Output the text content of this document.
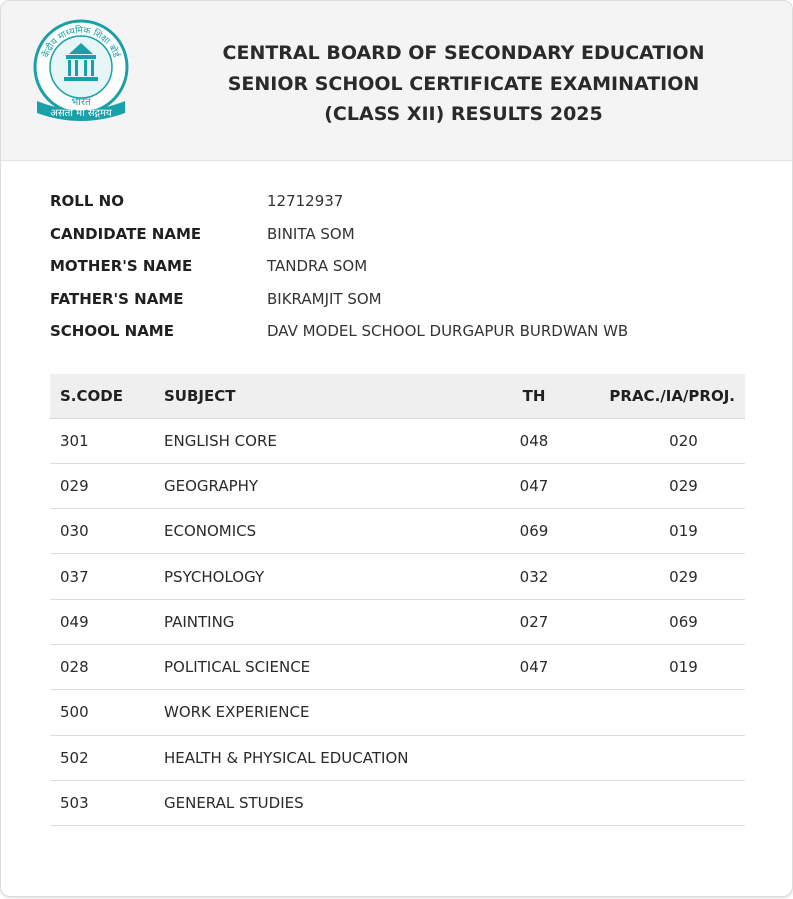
केंद्रीय माध्यमिक शिक्षा बोर्ड
असतो मा सद्गमय
भारत
CENTRAL BOARD OF SECONDARY EDUCATION
SENIOR SCHOOL CERTIFICATE EXAMINATION
(CLASS XII) RESULTS 2025
ROLL NO	12712937
CANDIDATE NAME	BINITA SOM
MOTHER'S NAME	TANDRA SOM
FATHER'S NAME	BIKRAMJIT SOM
SCHOOL NAME	DAV MODEL SCHOOL DURGAPUR BURDWAN WB
S.CODE	SUBJECT	TH	PRAC./IA/PROJ.
301	ENGLISH CORE	048	020
029	GEOGRAPHY	047	029
030	ECONOMICS	069	019
037	PSYCHOLOGY	032	029
049	PAINTING	027	069
028	POLITICAL SCIENCE	047	019
500	WORK EXPERIENCE		
502	HEALTH & PHYSICAL EDUCATION		
503	GENERAL STUDIES		
